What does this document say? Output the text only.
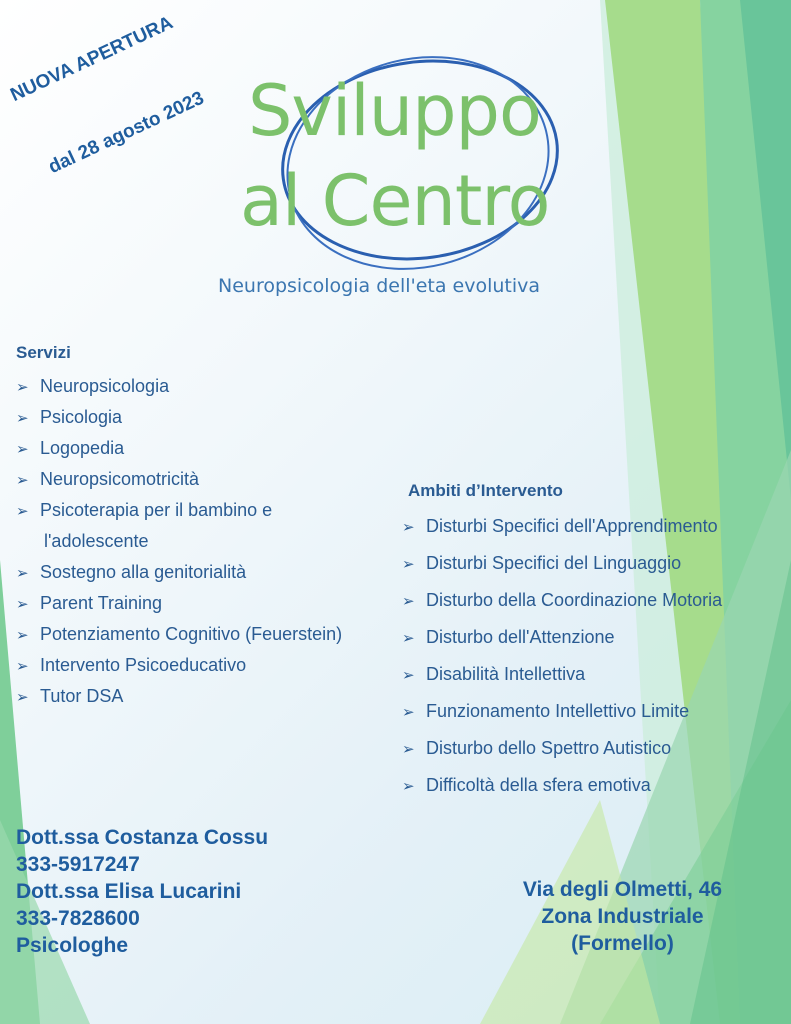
NUOVA APERTURA
dal 28 agosto 2023 Sviluppo
al Centro
Neuropsicologia dell'eta evolutiva
Servizi
➢ Neuropsicologia
➢ Psicologia
➢ Logopedia
➢ Neuropsicomotricità
➢ Psicoterapia per il bambino e
l'adolescente
➢ Sostegno alla genitorialità
➢ Parent Training
➢ Potenziamento Cognitivo (Feuerstein)
➢ Intervento Psicoeducativo
➢ Tutor DSA
Ambiti d’Intervento
➢ Disturbi Specifici dell'Apprendimento
➢ Disturbi Specifici del Linguaggio
➢ Disturbo della Coordinazione Motoria
➢ Disturbo dell'Attenzione
➢ Disabilità Intellettiva
➢ Funzionamento Intellettivo Limite
➢ Disturbo dello Spettro Autistico
➢ Difficoltà della sfera emotiva
Dott.ssa Costanza Cossu
333-5917247
Dott.ssa Elisa Lucarini
333-7828600
Psicologhe
Via degli Olmetti, 46
Zona Industriale
(Formello)
